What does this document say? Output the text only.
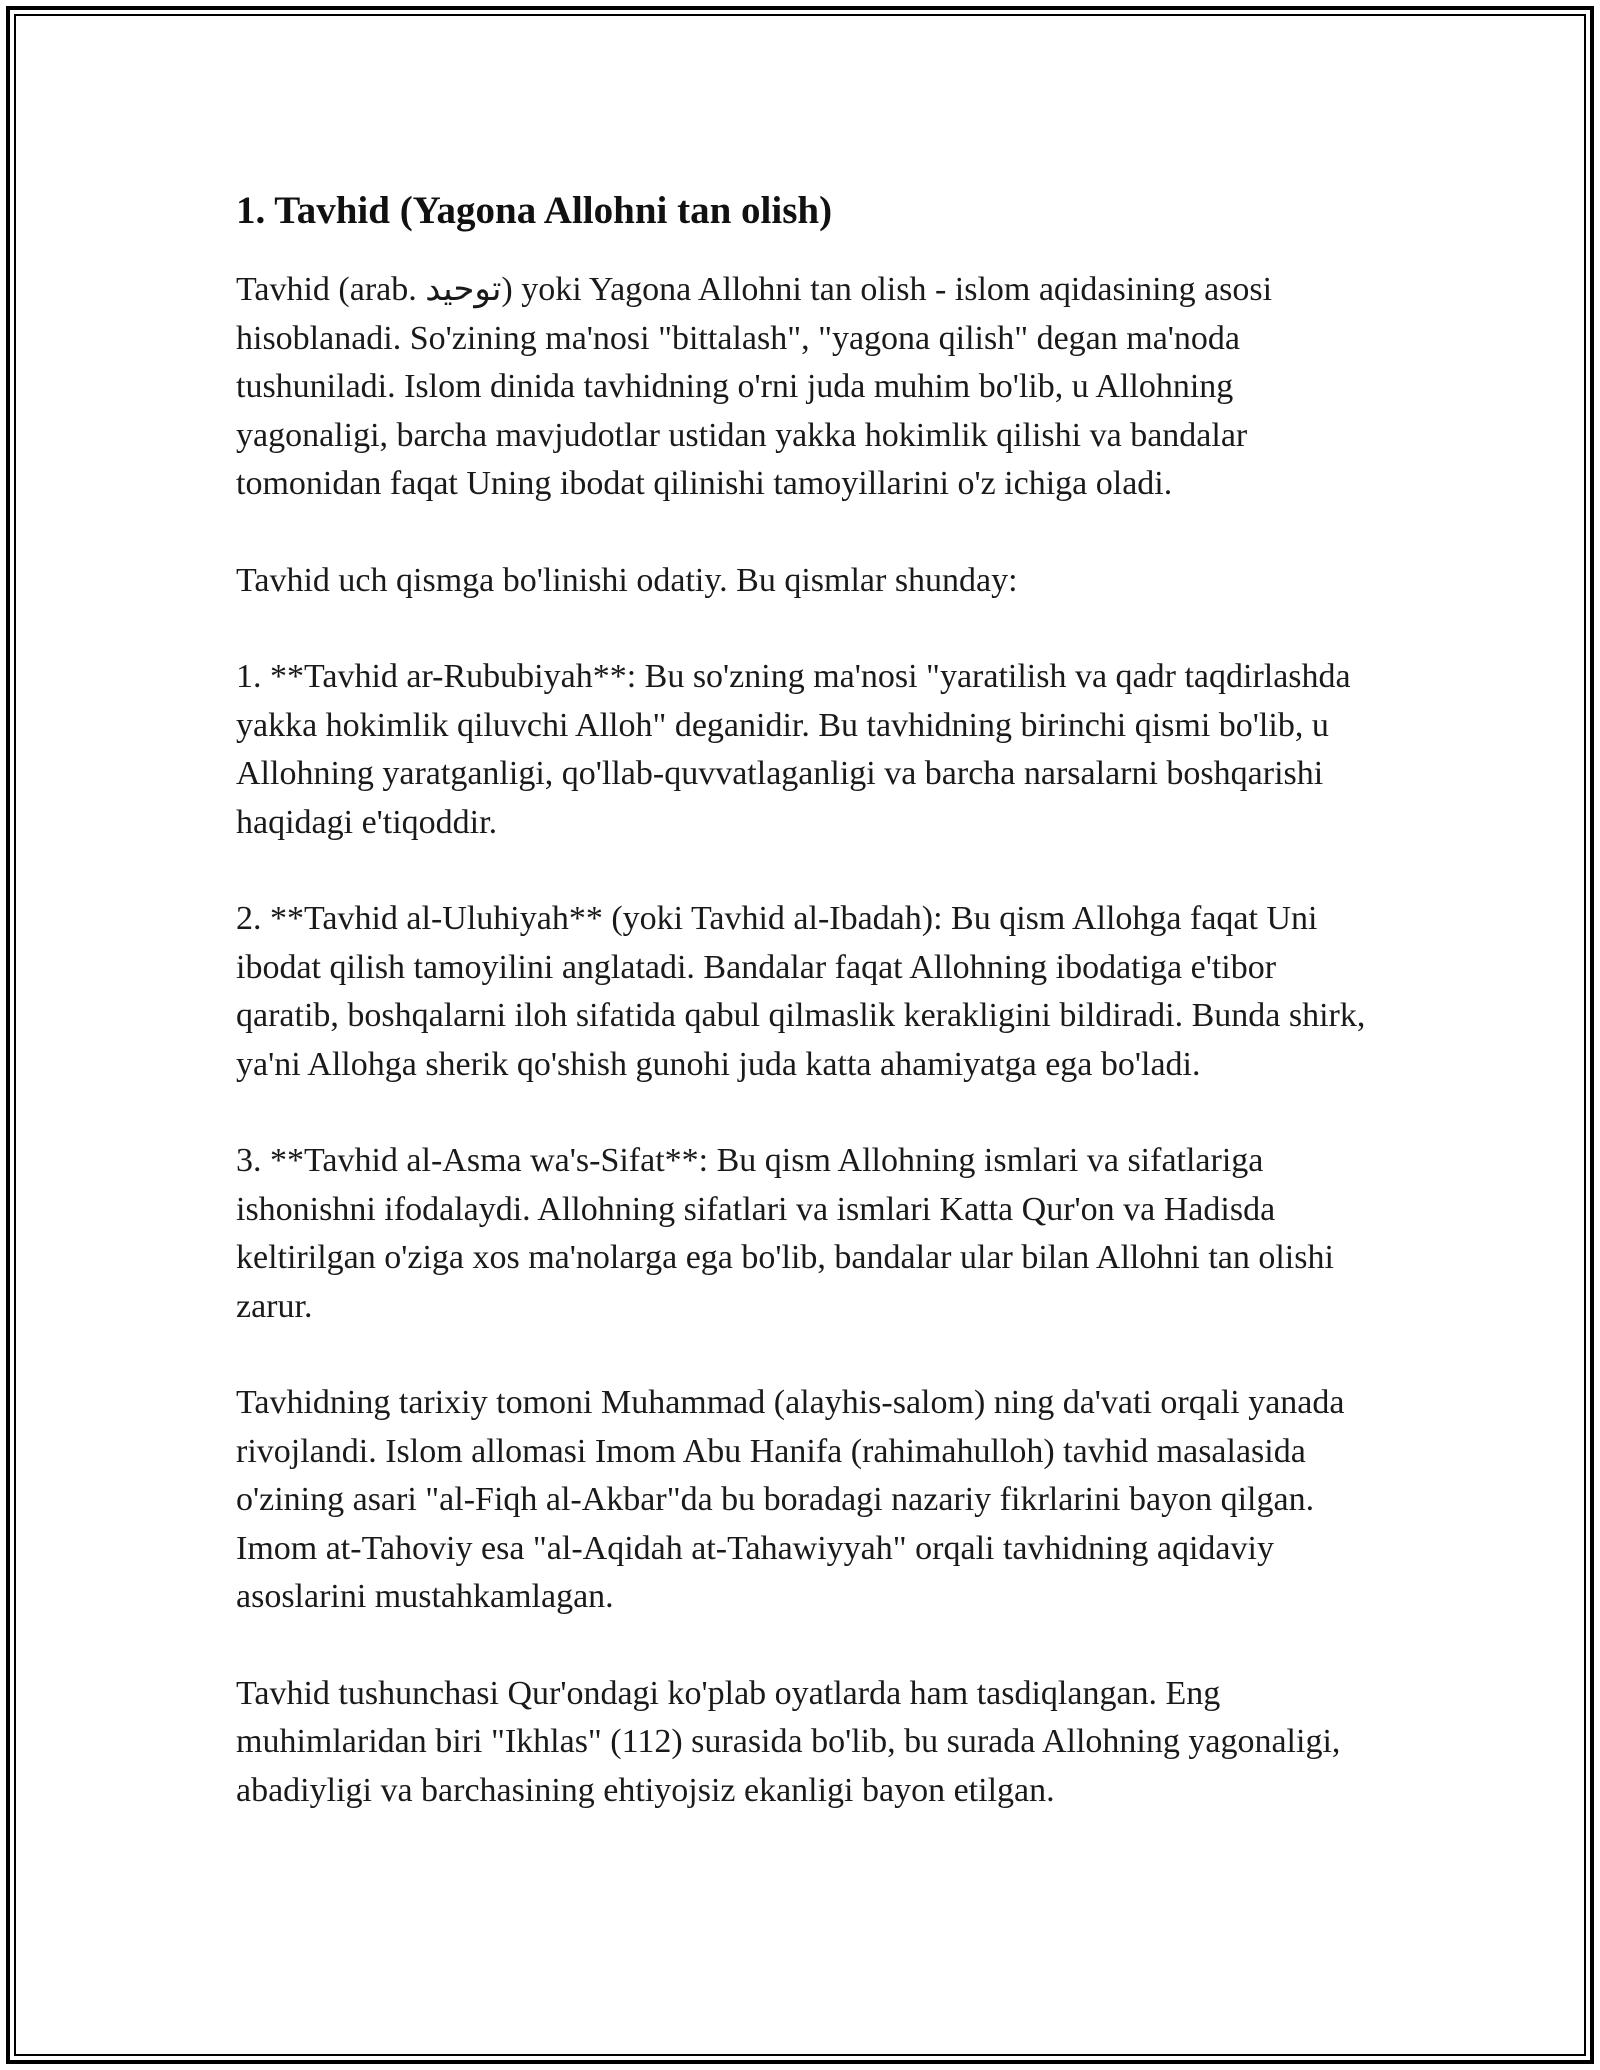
1. Tavhid (Yagona Allohni tan olish)

Tavhid (arab. توحيد) yoki Yagona Allohni tan olish - islom aqidasining asosi hisoblanadi. So'zining ma'nosi "bittalash", "yagona qilish" degan ma'noda tushuniladi. Islom dinida tavhidning o'rni juda muhim bo'lib, u Allohning yagonaligi, barcha mavjudotlar ustidan yakka hokimlik qilishi va bandalar tomonidan faqat Uning ibodat qilinishi tamoyillarini o'z ichiga oladi.

Tavhid uch qismga bo'linishi odatiy. Bu qismlar shunday:

1. **Tavhid ar-Rububiyah**: Bu so'zning ma'nosi "yaratilish va qadr taqdirlashda yakka hokimlik qiluvchi Alloh" deganidir. Bu tavhidning birinchi qismi bo'lib, u Allohning yaratganligi, qo'llab-quvvatlaganligi va barcha narsalarni boshqarishi haqidagi e'tiqoddir.

2. **Tavhid al-Uluhiyah** (yoki Tavhid al-Ibadah): Bu qism Allohga faqat Uni ibodat qilish tamoyilini anglatadi. Bandalar faqat Allohning ibodatiga e'tibor qaratib, boshqalarni iloh sifatida qabul qilmaslik kerakligini bildiradi. Bunda shirk, ya'ni Allohga sherik qo'shish gunohi juda katta ahamiyatga ega bo'ladi.

3. **Tavhid al-Asma wa's-Sifat**: Bu qism Allohning ismlari va sifatlariga ishonishni ifodalaydi. Allohning sifatlari va ismlari Katta Qur'on va Hadisda keltirilgan o'ziga xos ma'nolarga ega bo'lib, bandalar ular bilan Allohni tan olishi zarur.

Tavhidning tarixiy tomoni Muhammad (alayhis-salom) ning da'vati orqali yanada rivojlandi. Islom allomasi Imom Abu Hanifa (rahimahulloh) tavhid masalasida o'zining asari "al-Fiqh al-Akbar"da bu boradagi nazariy fikrlarini bayon qilgan. Imom at-Tahoviy esa "al-Aqidah at-Tahawiyyah" orqali tavhidning aqidaviy asoslarini mustahkamlagan.

Tavhid tushunchasi Qur'ondagi ko'plab oyatlarda ham tasdiqlangan. Eng muhimlaridan biri "Ikhlas" (112) surasida bo'lib, bu surada Allohning yagonaligi, abadiyligi va barchasining ehtiyojsiz ekanligi bayon etilgan.
